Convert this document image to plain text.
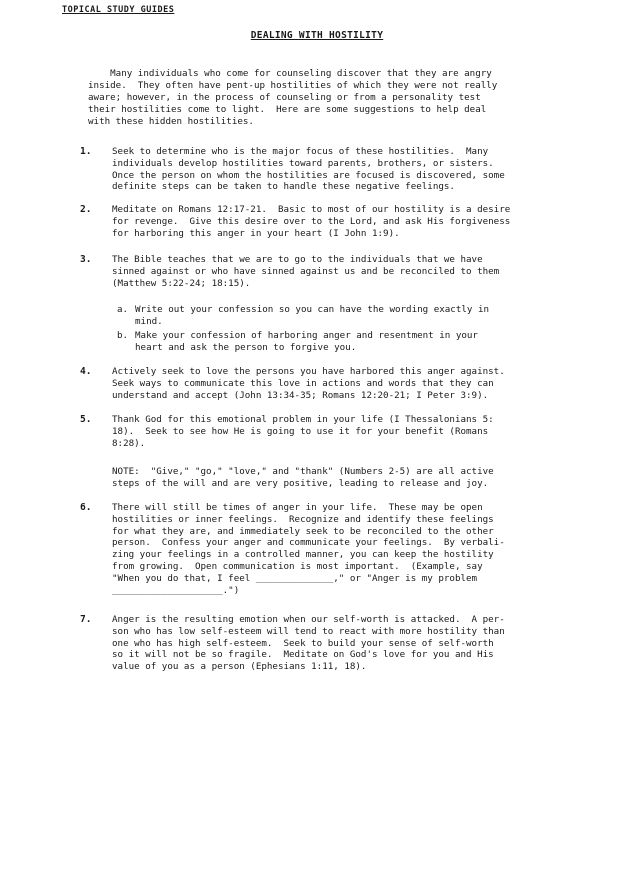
TOPICAL STUDY GUIDES
DEALING WITH HOSTILITY
Many individuals who come for counseling discover that they are angry
inside.  They often have pent-up hostilities of which they were not really
aware; however, in the process of counseling or from a personality test
their hostilities come to light.  Here are some suggestions to help deal
with these hidden hostilities.
1. Seek to determine who is the major focus of these hostilities.  Many
individuals develop hostilities toward parents, brothers, or sisters.
Once the person on whom the hostilities are focused is discovered, some
definite steps can be taken to handle these negative feelings.
2. Meditate on Romans 12:17-21.  Basic to most of our hostility is a desire
for revenge.  Give this desire over to the Lord, and ask His forgiveness
for harboring this anger in your heart (I John 1:9).
3. The Bible teaches that we are to go to the individuals that we have
sinned against or who have sinned against us and be reconciled to them
(Matthew 5:22-24; 18:15).
a. Write out your confession so you can have the wording exactly in
mind.
b. Make your confession of harboring anger and resentment in your
heart and ask the person to forgive you.
4. Actively seek to love the persons you have harbored this anger against.
Seek ways to communicate this love in actions and words that they can
understand and accept (John 13:34-35; Romans 12:20-21; I Peter 3:9).
5. Thank God for this emotional problem in your life (I Thessalonians 5:
18).  Seek to see how He is going to use it for your benefit (Romans
8:28).
NOTE:  "Give," "go," "love," and "thank" (Numbers 2-5) are all active
steps of the will and are very positive, leading to release and joy.
6. There will still be times of anger in your life.  These may be open
hostilities or inner feelings.  Recognize and identify these feelings
for what they are, and immediately seek to be reconciled to the other
person.  Confess your anger and communicate your feelings.  By verbali-
zing your feelings in a controlled manner, you can keep the hostility
from growing.  Open communication is most important.  (Example, say
"When you do that, I feel ______________," or "Anger is my problem
____________________.")
7. Anger is the resulting emotion when our self-worth is attacked.  A per-
son who has low self-esteem will tend to react with more hostility than
one who has high self-esteem.  Seek to build your sense of self-worth
so it will not be so fragile.  Meditate on God's love for you and His
value of you as a person (Ephesians 1:11, 18).
